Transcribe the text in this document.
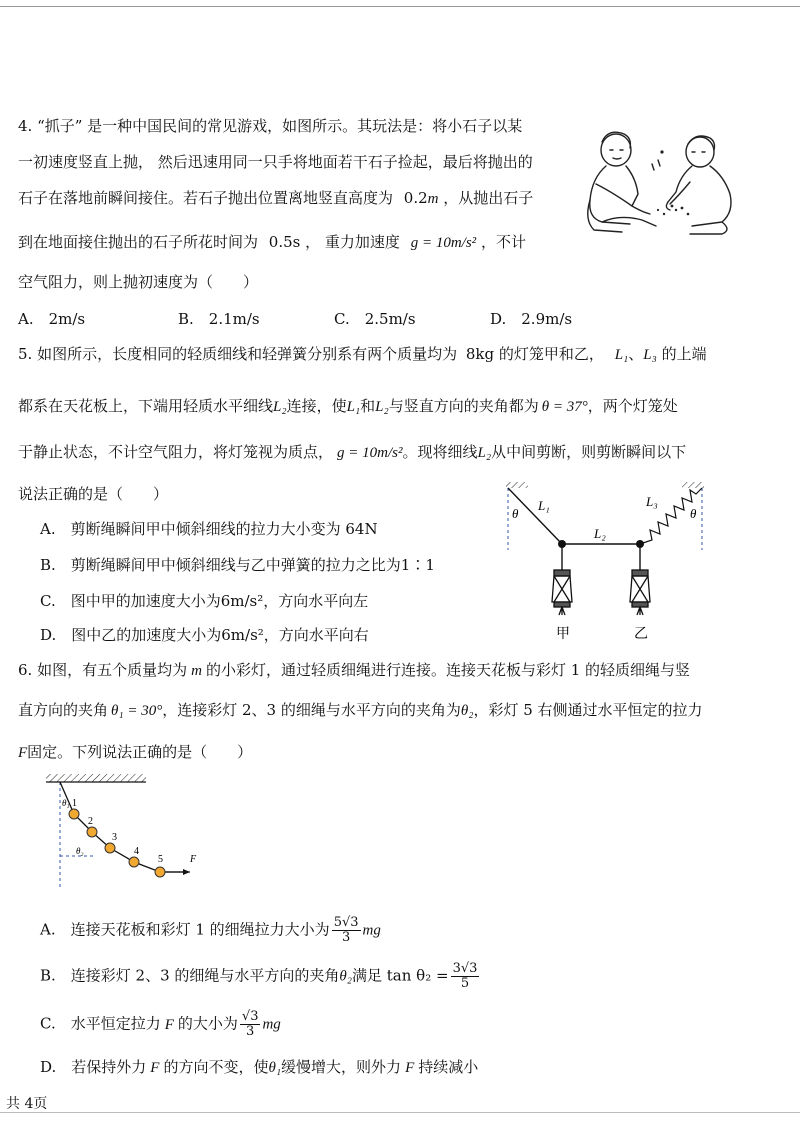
4. “抓子” 是一种中国民间的常见游戏，如图所示。其玩法是：将小石子以某
一初速度竖直上抛， 然后迅速用同一只手将地面若干石子捡起，最后将抛出的
石子在落地前瞬间接住。若石子抛出位置离地竖直高度为 0.2m ，从抛出石子
到在地面接住抛出的石子所花时间为 0.5s ， 重力加速度 g = 10m/s² ，不计
空气阻力，则上抛初速度为（　　）
A.　2m/s	B.　2.1m/s	C.　2.5m/s	D.　2.9m/s
5. 如图所示，长度相同的轻质细线和轻弹簧分别系有两个质量均为 8kg 的灯笼甲和乙， L₁、L₃ 的上端
都系在天花板上，下端用轻质水平细线L₂连接，使L₁和L₂与竖直方向的夹角都为 θ = 37°，两个灯笼处
于静止状态，不计空气阻力，将灯笼视为质点， g = 10m/s²。现将细线L₂从中间剪断，则剪断瞬间以下
说法正确的是（　　）
A.　剪断绳瞬间甲中倾斜细线的拉力大小变为 64N
B.　剪断绳瞬间甲中倾斜细线与乙中弹簧的拉力之比为1∶1
C.　图中甲的加速度大小为6m/s²，方向水平向左
D.　图中乙的加速度大小为6m/s²，方向水平向右
θ	θ
L₁
L₂
L₃
甲	乙
6. 如图，有五个质量均为 m 的小彩灯，通过轻质细绳进行连接。连接天花板与彩灯 1 的轻质细绳与竖
直方向的夹角 θ₁ = 30°，连接彩灯 2、3 的细绳与水平方向的夹角为θ₂，彩灯 5 右侧通过水平恒定的拉力
F固定。下列说法正确的是（　　）
1
2
3
4
5	F
θ₁
θ₂
A.　连接天花板和彩灯 1 的细绳拉力大小为 $\frac{5√3}{3}$ mg
B.　连接彩灯 2、3 的细绳与水平方向的夹角θ₂满足 $\tan \theta_2 = \frac{3√3}{5}$
C.　水平恒定拉力 F 的大小为 $\frac{√3}{3}$ mg
D.　若保持外力 F 的方向不变，使θ₁缓慢增大，则外力 F 持续减小
共 4页
